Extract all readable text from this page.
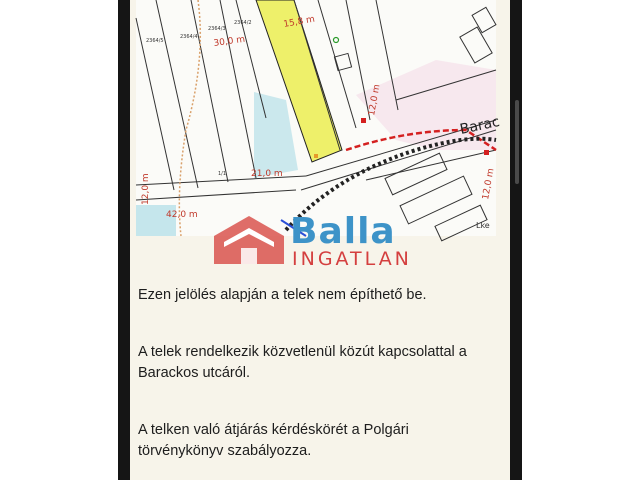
15,8 m
30,0 m
12,0 m
21,0 m
12,0 m
42,0 m
12,0 m
Barac
2364/5
2364/4
2364/3
2364/2
1/1
Lke
Balla
INGATLAN

Ezen jelölés alapján a telek nem építhető be.

A telek rendelkezik közvetlenül közút kapcsolattal a Barackos utcáról.

A telken való átjárás kérdéskörét a Polgári törvénykönyv szabályozza.
